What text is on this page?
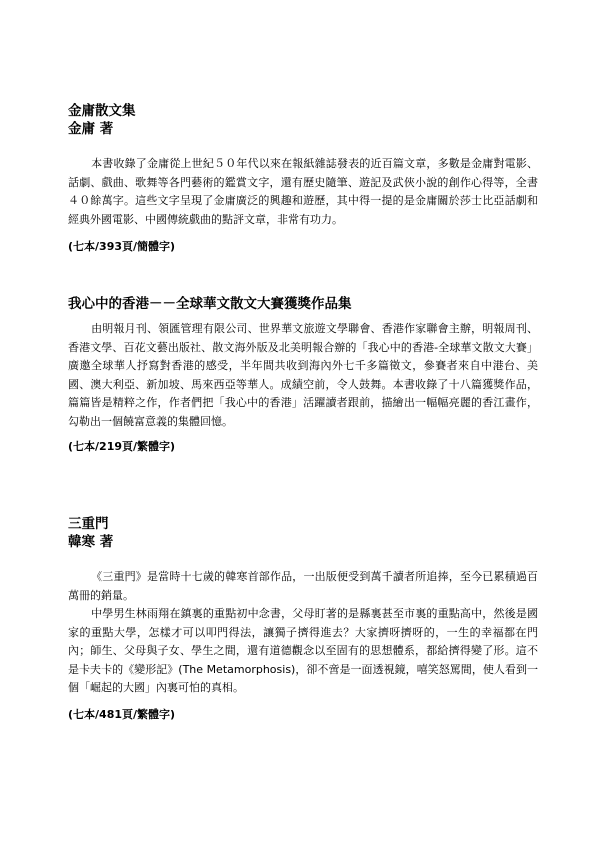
金庸散文集
金庸 著

本書收錄了金庸從上世紀５０年代以來在報紙雜誌發表的近百篇文章，多數是金庸對電影、話劇、戲曲、歌舞等各門藝術的鑑賞文字，還有歷史隨筆、遊記及武俠小說的創作心得等，全書４０餘萬字。這些文字呈現了金庸廣泛的興趣和遊歷，其中得一提的是金庸關於莎士比亞話劇和經典外國電影、中國傳統戲曲的點評文章，非常有功力。

(七本/393頁/簡體字)
我心中的香港－－全球華文散文大賽獲獎作品集

由明報月刊、領匯管理有限公司、世界華文旅遊文學聯會、香港作家聯會主辦，明報周刊、香港文學、百花文藝出版社、散文海外版及北美明報合辦的「我心中的香港-全球華文散文大賽」廣邀全球華人抒寫對香港的感受，半年間共收到海內外七千多篇徵文，參賽者來自中港台、美國、澳大利亞、新加坡、馬來西亞等華人。成績空前，令人鼓舞。本書收錄了十八篇獲獎作品，篇篇皆是精粹之作，作者們把「我心中的香港」活躍讀者跟前，描繪出一幅幅亮麗的香江畫作，勾勒出一個饒富意義的集體回憶。

(七本/219頁/繁體字)
三重門
韓寒 著

《三重門》是當時十七歲的韓寒首部作品，一出版便受到萬千讀者所追捧，至今已累積過百萬冊的銷量。

中學男生林雨翔在鎮裏的重點初中念書，父母盯著的是縣裏甚至市裏的重點高中，然後是國家的重點大學，怎樣才可以叩門得法，讓獨子擠得進去？大家擠呀擠呀的，一生的幸福都在門內；師生、父母與子女、學生之間，還有道德觀念以至固有的思想體系，都給擠得變了形。這不是卡夫卡的《變形記》(The Metamorphosis)，卻不啻是一面透視鏡，嘻笑怒罵間，使人看到一個「崛起的大國」內裏可怕的真相。

(七本/481頁/繁體字)
